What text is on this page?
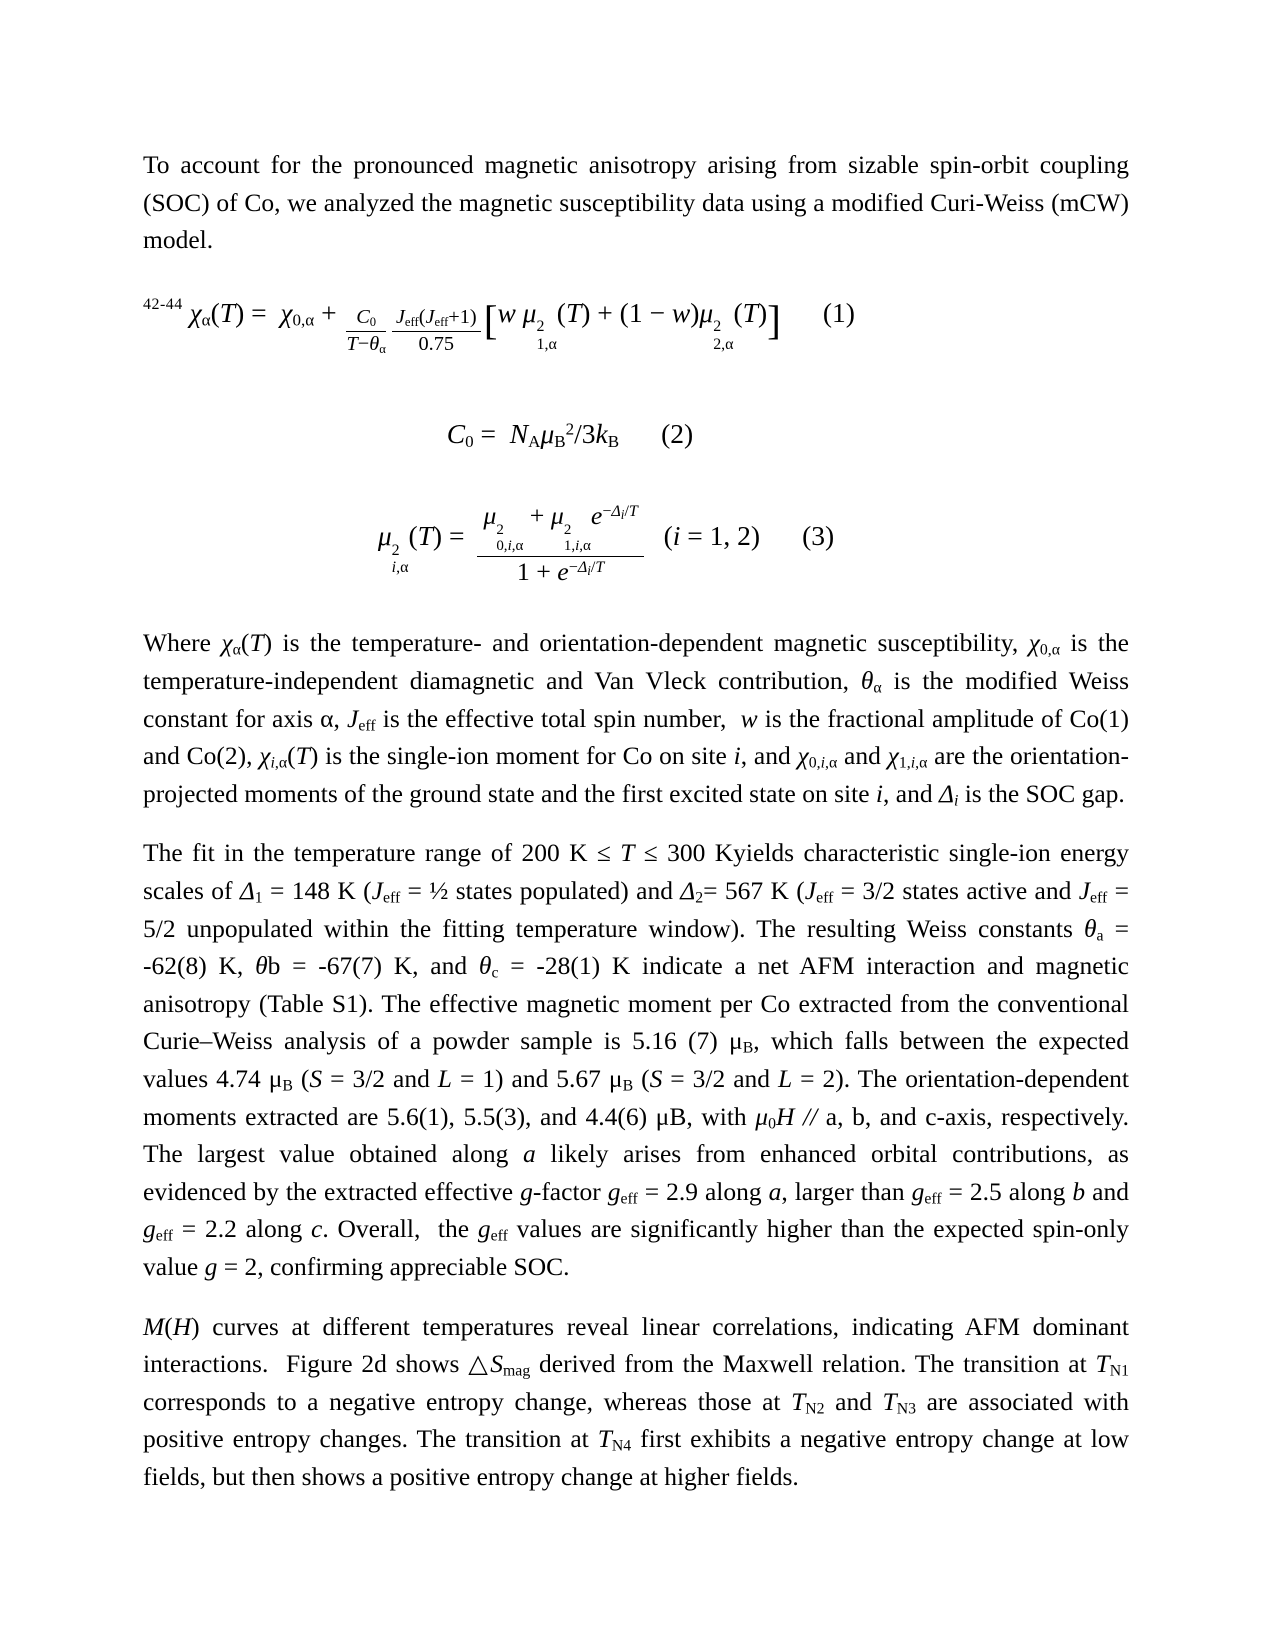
To account for the pronounced magnetic anisotropy arising from sizable spin-orbit coupling (SOC) of Co, we analyzed the magnetic susceptibility data using a modified Curi-Weiss (mCW) model.

$^{42-44}$ $\chi_\alpha(T) = \chi_{0,\alpha} + \frac{C_0}{T-\theta_\alpha} \frac{J_{eff}(J_{eff}+1)}{0.75} [w$ μ 2
1,α
(T) + (1 − w)μ 2
2,α
(T)] (1)
$C_0 = N_A\mu_B^2/3k_B$ (2)
μ 2
i,α
(T) = μ 2
0,i,α
+ μ 2
1,i,α
$e^{-\Delta_i/T}$
$1 + e^{-\Delta_i/T}$ (i = 1, 2) (3)

Where $\chi_\alpha(T)$ is the temperature- and orientation-dependent magnetic susceptibility, $\chi_{0,\alpha}$ is the temperature-independent diamagnetic and Van Vleck contribution, $\theta_\alpha$ is the modified Weiss constant for axis α, $J_{eff}$ is the effective total spin number,  w is the fractional amplitude of Co(1) and Co(2), $\chi_{i,\alpha}(T)$ is the single-ion moment for Co on site i, and $\chi_{0,i,\alpha}$ and $\chi_{1,i,\alpha}$ are the orientation-projected moments of the ground state and the first excited state on site i, and $\Delta_i$ is the SOC gap.

The fit in the temperature range of 200 K ≤ T ≤ 300 Kyields characteristic single-ion energy scales of $\Delta_1 = 148$ K ($J_{eff}$ = ½ states populated) and $\Delta_2= 567$ K ($J_{eff} = 3/2$ states active and $J_{eff} = 5/2$ unpopulated within the fitting temperature window). The resulting Weiss constants $\theta_a = -62(8)$ K, θb = -67(7) K, and $\theta_c = -28(1)$ K indicate a net AFM interaction and magnetic anisotropy (Table S1). The effective magnetic moment per Co extracted from the conventional Curie–Weiss analysis of a powder sample is 5.16 (7) $\mu_B$, which falls between the expected values 4.74 $\mu_B$ (S = 3/2 and L = 1) and 5.67 $\mu_B$ (S = 3/2 and L = 2). The orientation-dependent moments extracted are 5.6(1), 5.5(3), and 4.4(6) μB, with $\mu_0H$ // a, b, and c-axis, respectively. The largest value obtained along a likely arises from enhanced orbital contributions, as evidenced by the extracted effective g-factor $g_{eff} = 2.9$ along a, larger than $g_{eff} = 2.5$ along b and $g_{eff} = 2.2$ along c. Overall,  the $g_{eff}$ values are significantly higher than the expected spin-only value g = 2, confirming appreciable SOC.

M(H) curves at different temperatures reveal linear correlations, indicating AFM dominant interactions.  Figure 2d shows $\triangle S_{mag}$ derived from the Maxwell relation. The transition at $T_{N1}$ corresponds to a negative entropy change, whereas those at $T_{N2}$ and $T_{N3}$ are associated with positive entropy changes. The transition at $T_{N4}$ first exhibits a negative entropy change at low fields, but then shows a positive entropy change at higher fields.
